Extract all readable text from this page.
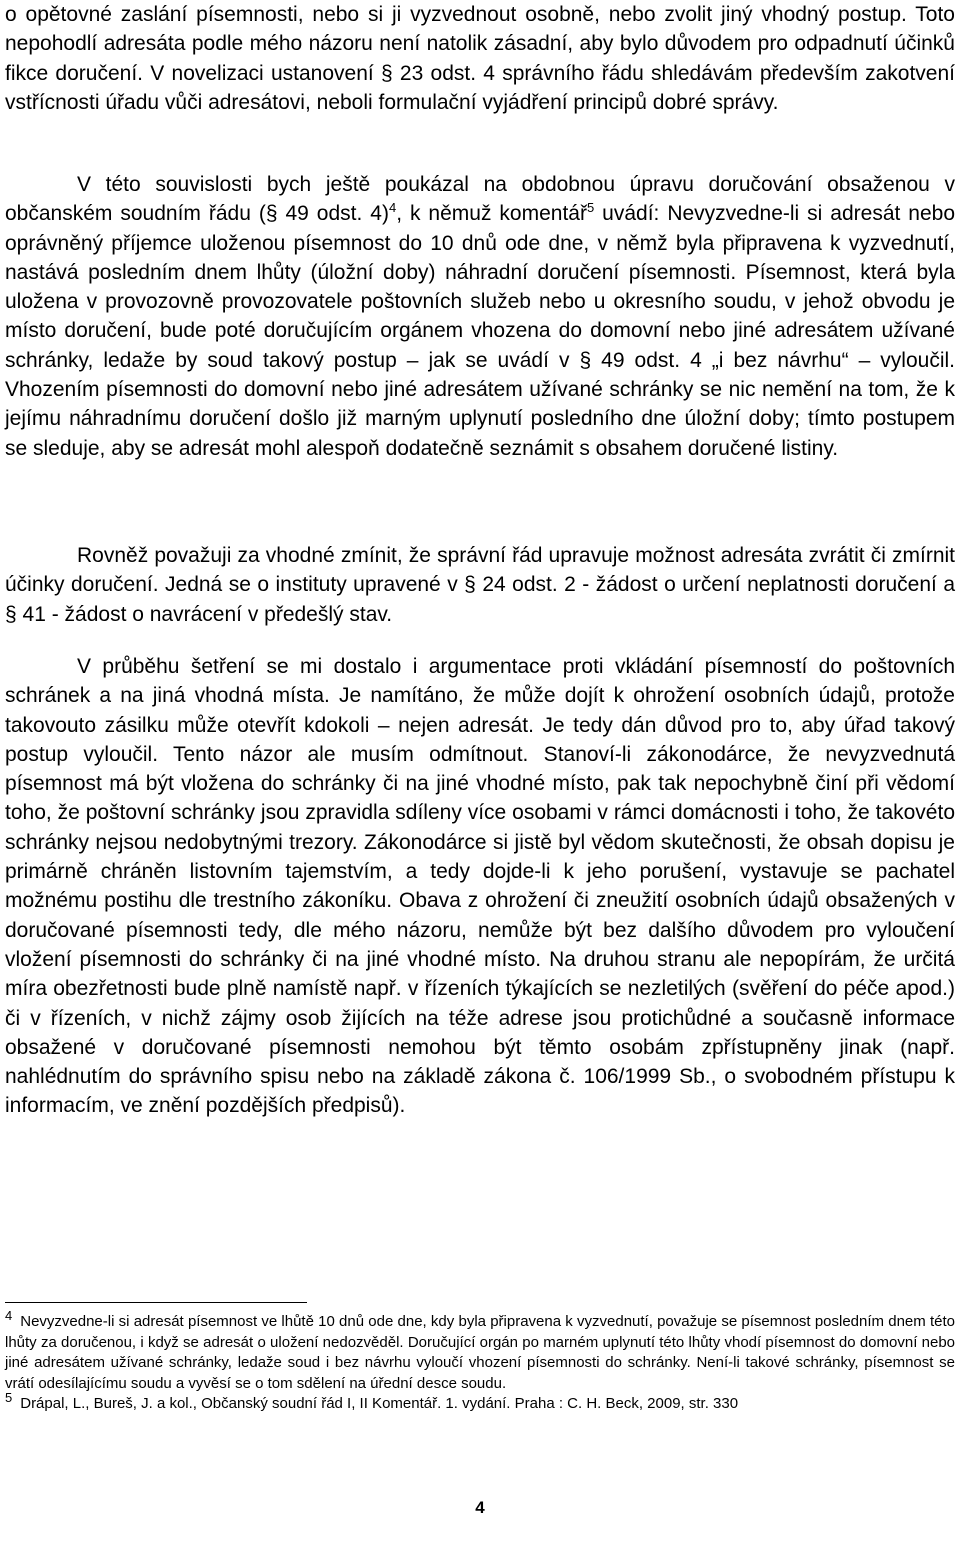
o opětovné zaslání písemnosti, nebo si ji vyzvednout osobně, nebo zvolit jiný vhodný postup. Toto nepohodlí adresáta podle mého názoru není natolik zásadní, aby bylo důvodem pro odpadnutí účinků fikce doručení. V novelizaci ustanovení § 23 odst. 4 správního řádu shledávám především zakotvení vstřícnosti úřadu vůči adresátovi, neboli formulační vyjádření principů dobré správy.

V této souvislosti bych ještě poukázal na obdobnou úpravu doručování obsaženou v občanském soudním řádu (§ 49 odst. 4)$^4$, k němuž komentář$^5$ uvádí: Nevyzvedne-li si adresát nebo oprávněný příjemce uloženou písemnost do 10 dnů ode dne, v němž byla připravena k vyzvednutí, nastává posledním dnem lhůty (úložní doby) náhradní doručení písemnosti. Písemnost, která byla uložena v provozovně provozovatele poštovních služeb nebo u okresního soudu, v jehož obvodu je místo doručení, bude poté doručujícím orgánem vhozena do domovní nebo jiné adresátem užívané schránky, ledaže by soud takový postup – jak se uvádí v § 49 odst. 4 „i bez návrhu“ – vyloučil. Vhozením písemnosti do domovní nebo jiné adresátem užívané schránky se nic nemění na tom, že k jejímu náhradnímu doručení došlo již marným uplynutí posledního dne úložní doby; tímto postupem se sleduje, aby se adresát mohl alespoň dodatečně seznámit s obsahem doručené listiny.

Rovněž považuji za vhodné zmínit, že správní řád upravuje možnost adresáta zvrátit či zmírnit účinky doručení. Jedná se o instituty upravené v § 24 odst. 2 - žádost o určení neplatnosti doručení a § 41 - žádost o navrácení v předešlý stav.

V průběhu šetření se mi dostalo i argumentace proti vkládání písemností do poštovních schránek a na jiná vhodná místa. Je namítáno, že může dojít k ohrožení osobních údajů, protože takovouto zásilku může otevřít kdokoli – nejen adresát. Je tedy dán důvod pro to, aby úřad takový postup vyloučil. Tento názor ale musím odmítnout. Stanoví-li zákonodárce, že nevyzvednutá písemnost má být vložena do schránky či na jiné vhodné místo, pak tak nepochybně činí při vědomí toho, že poštovní schránky jsou zpravidla sdíleny více osobami v rámci domácnosti i toho, že takovéto schránky nejsou nedobytnými trezory. Zákonodárce si jistě byl vědom skutečnosti, že obsah dopisu je primárně chráněn listovním tajemstvím, a tedy dojde-li k jeho porušení, vystavuje se pachatel možnému postihu dle trestního zákoníku. Obava z ohrožení či zneužití osobních údajů obsažených v doručované písemnosti tedy, dle mého názoru, nemůže být bez dalšího důvodem pro vyloučení vložení písemnosti do schránky či na jiné vhodné místo. Na druhou stranu ale nepopírám, že určitá míra obezřetnosti bude plně namístě např. v řízeních týkajících se nezletilých (svěření do péče apod.) či v řízeních, v nichž zájmy osob žijících na téže adrese jsou protichůdné a současně informace obsažené v doručované písemnosti nemohou být těmto osobám zpřístupněny jinak (např. nahlédnutím do správního spisu nebo na základě zákona č. 106/1999 Sb., o svobodném přístupu k informacím, ve znění pozdějších předpisů).

4 Nevyzvedne-li si adresát písemnost ve lhůtě 10 dnů ode dne, kdy byla připravena k vyzvednutí, považuje se písemnost posledním dnem této lhůty za doručenou, i když se adresát o uložení nedozvěděl. Doručující orgán po marném uplynutí této lhůty vhodí písemnost do domovní nebo jiné adresátem užívané schránky, ledaže soud i bez návrhu vyloučí vhození písemnosti do schránky. Není-li takové schránky, písemnost se vrátí odesílajícímu soudu a vyvěsí se o tom sdělení na úřední desce soudu.

5 Drápal, L., Bureš, J. a kol., Občanský soudní řád I, II Komentář. 1. vydání. Praha : C. H. Beck, 2009, str. 330

4
